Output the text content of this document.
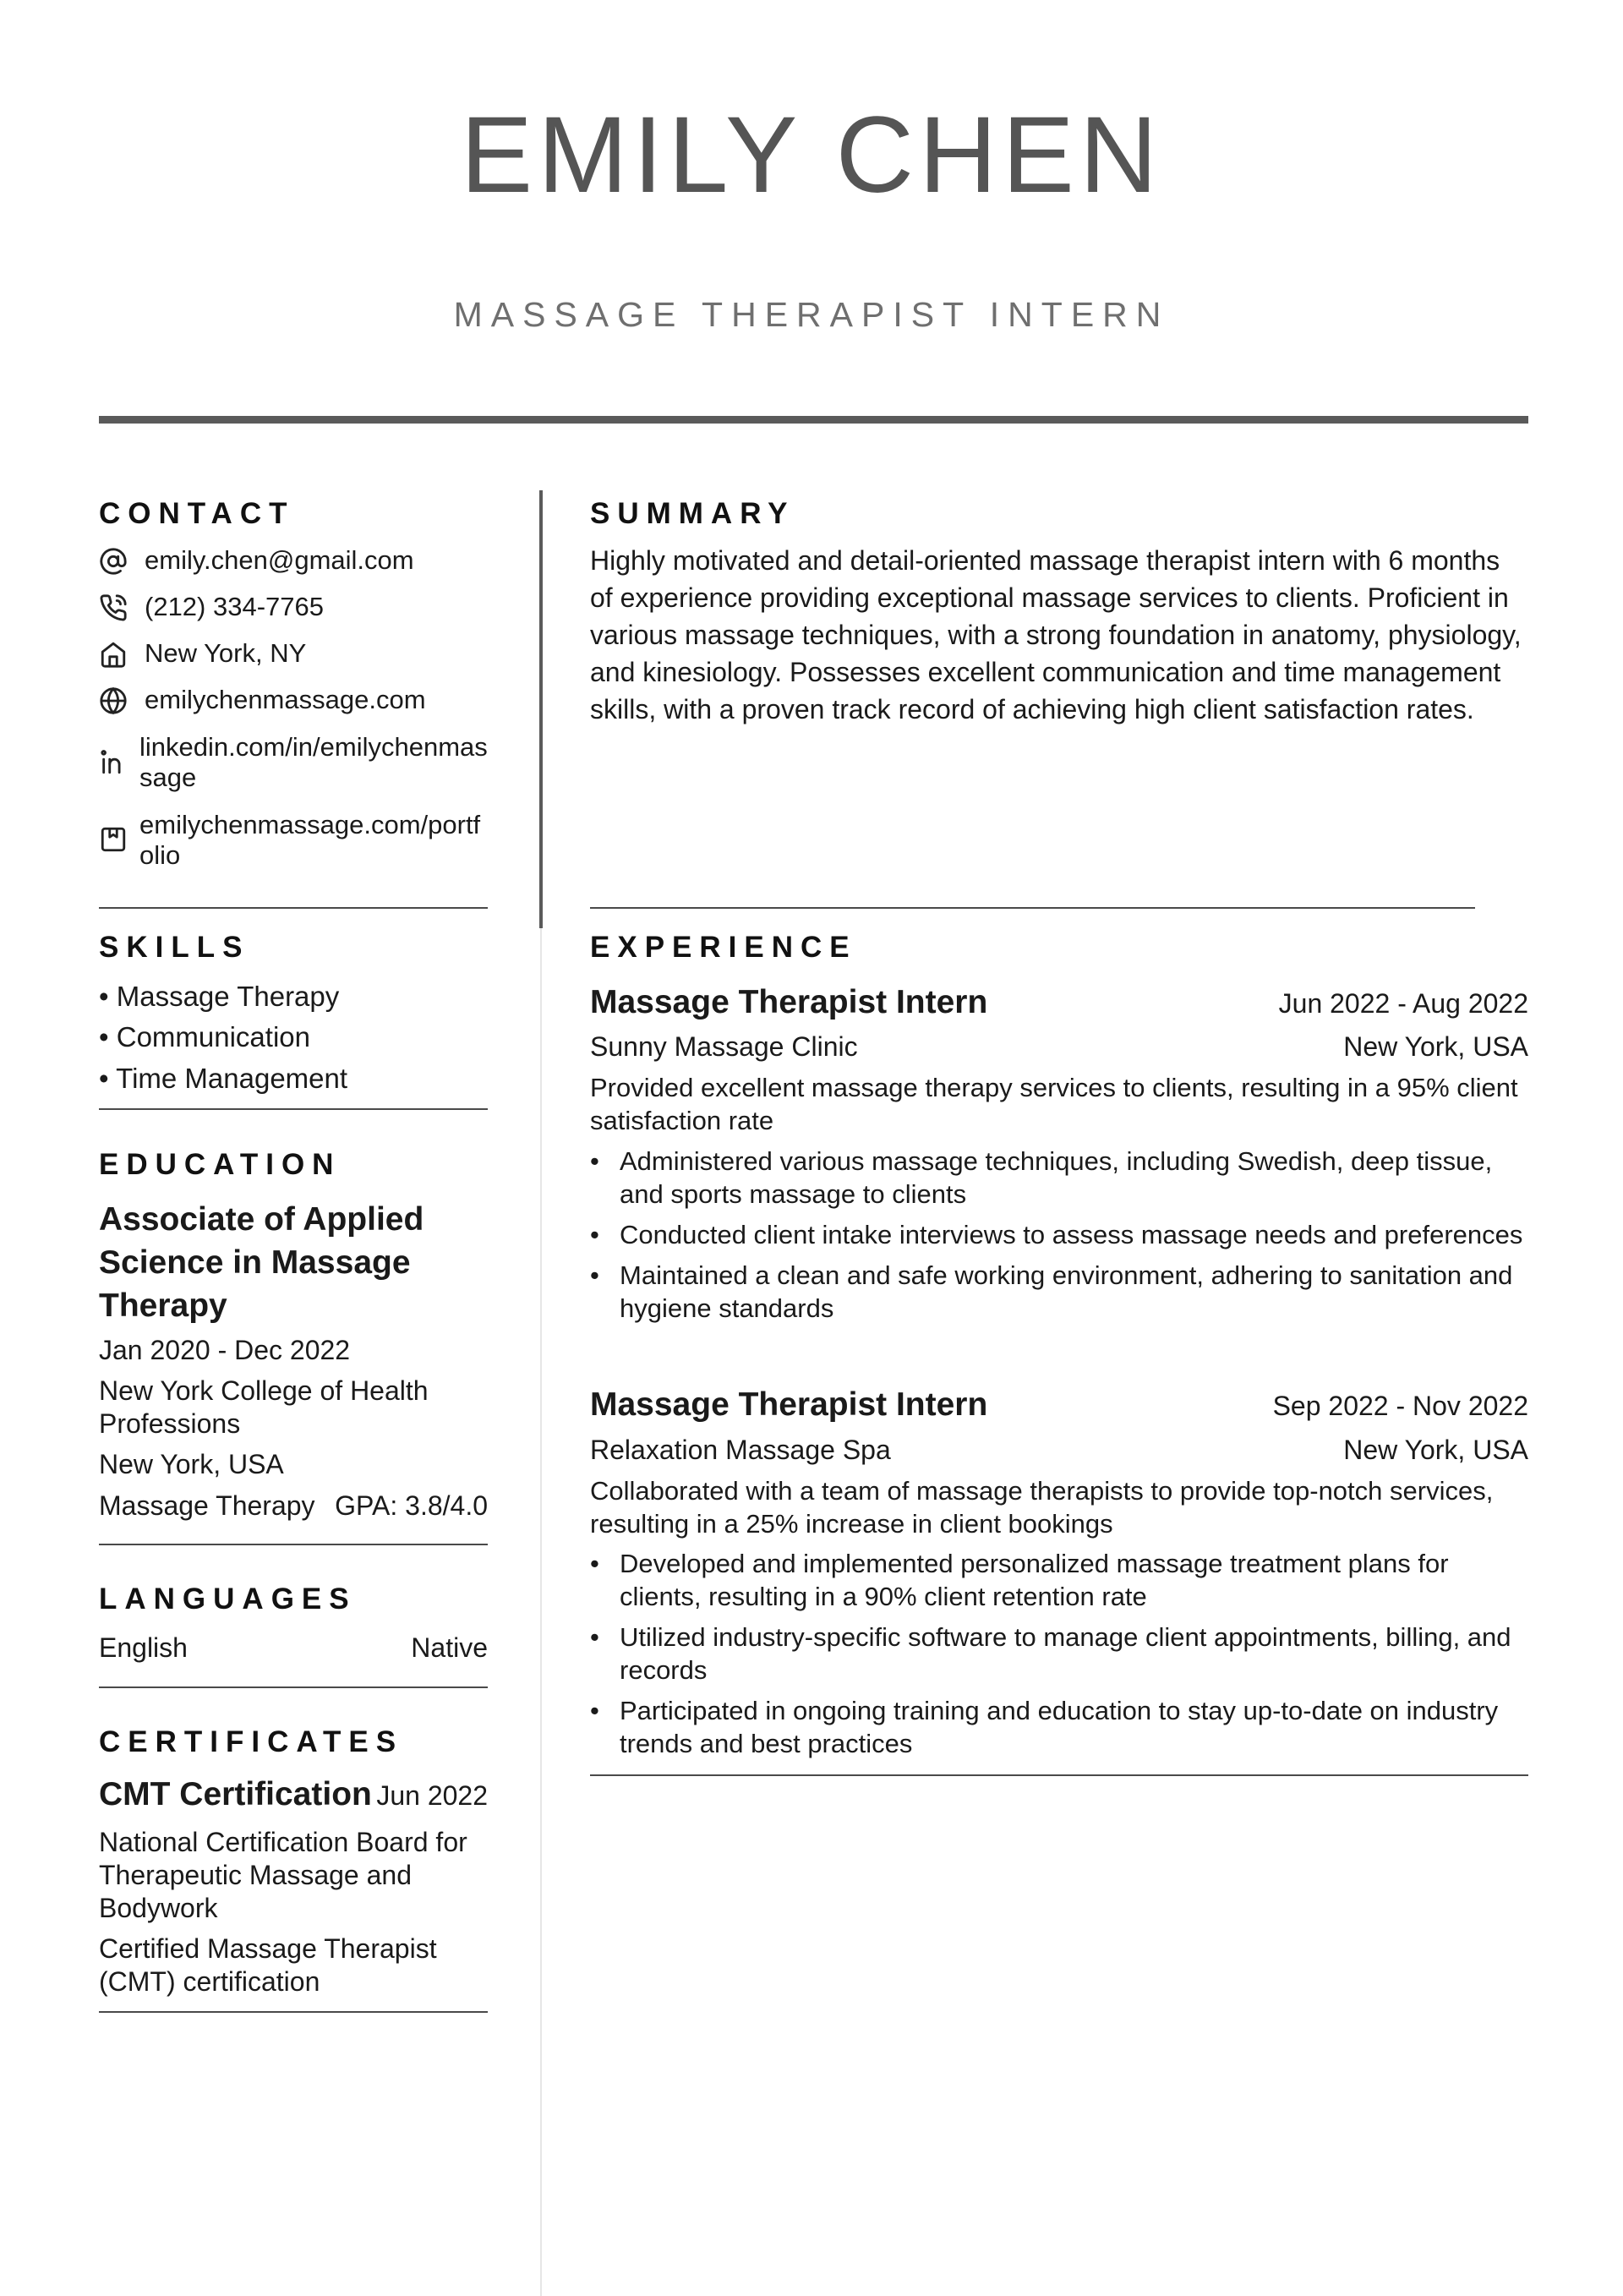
EMILY CHEN
MASSAGE THERAPIST INTERN
CONTACT
emily.chen@gmail.com
(212) 334-7765
New York, NY
emilychenmassage.com
linkedin.com/in/emilychenmassage
emilychenmassage.com/portfolio
SKILLS
• Massage Therapy
• Communication
• Time Management
EDUCATION
Associate of Applied Science in Massage Therapy
Jan 2020 - Dec 2022
New York College of Health Professions
New York, USA
Massage Therapy GPA: 3.8/4.0
LANGUAGES
English	Native
CERTIFICATES
CMT Certification Jun 2022
National Certification Board for Therapeutic Massage and Bodywork
Certified Massage Therapist (CMT) certification
SUMMARY
Highly motivated and detail-oriented massage therapist intern with 6 months of experience providing exceptional massage services to clients. Proficient in various massage techniques, with a strong foundation in anatomy, physiology, and kinesiology. Possesses excellent communication and time management skills, with a proven track record of achieving high client satisfaction rates.
EXPERIENCE
Massage Therapist Intern	Jun 2022 - Aug 2022
Sunny Massage Clinic	New York, USA
Provided excellent massage therapy services to clients, resulting in a 95% client satisfaction rate
• Administered various massage techniques, including Swedish, deep tissue, and sports massage to clients
• Conducted client intake interviews to assess massage needs and preferences
• Maintained a clean and safe working environment, adhering to sanitation and hygiene standards
Massage Therapist Intern	Sep 2022 - Nov 2022
Relaxation Massage Spa	New York, USA
Collaborated with a team of massage therapists to provide top-notch services, resulting in a 25% increase in client bookings
• Developed and implemented personalized massage treatment plans for clients, resulting in a 90% client retention rate
• Utilized industry-specific software to manage client appointments, billing, and records
• Participated in ongoing training and education to stay up-to-date on industry trends and best practices
